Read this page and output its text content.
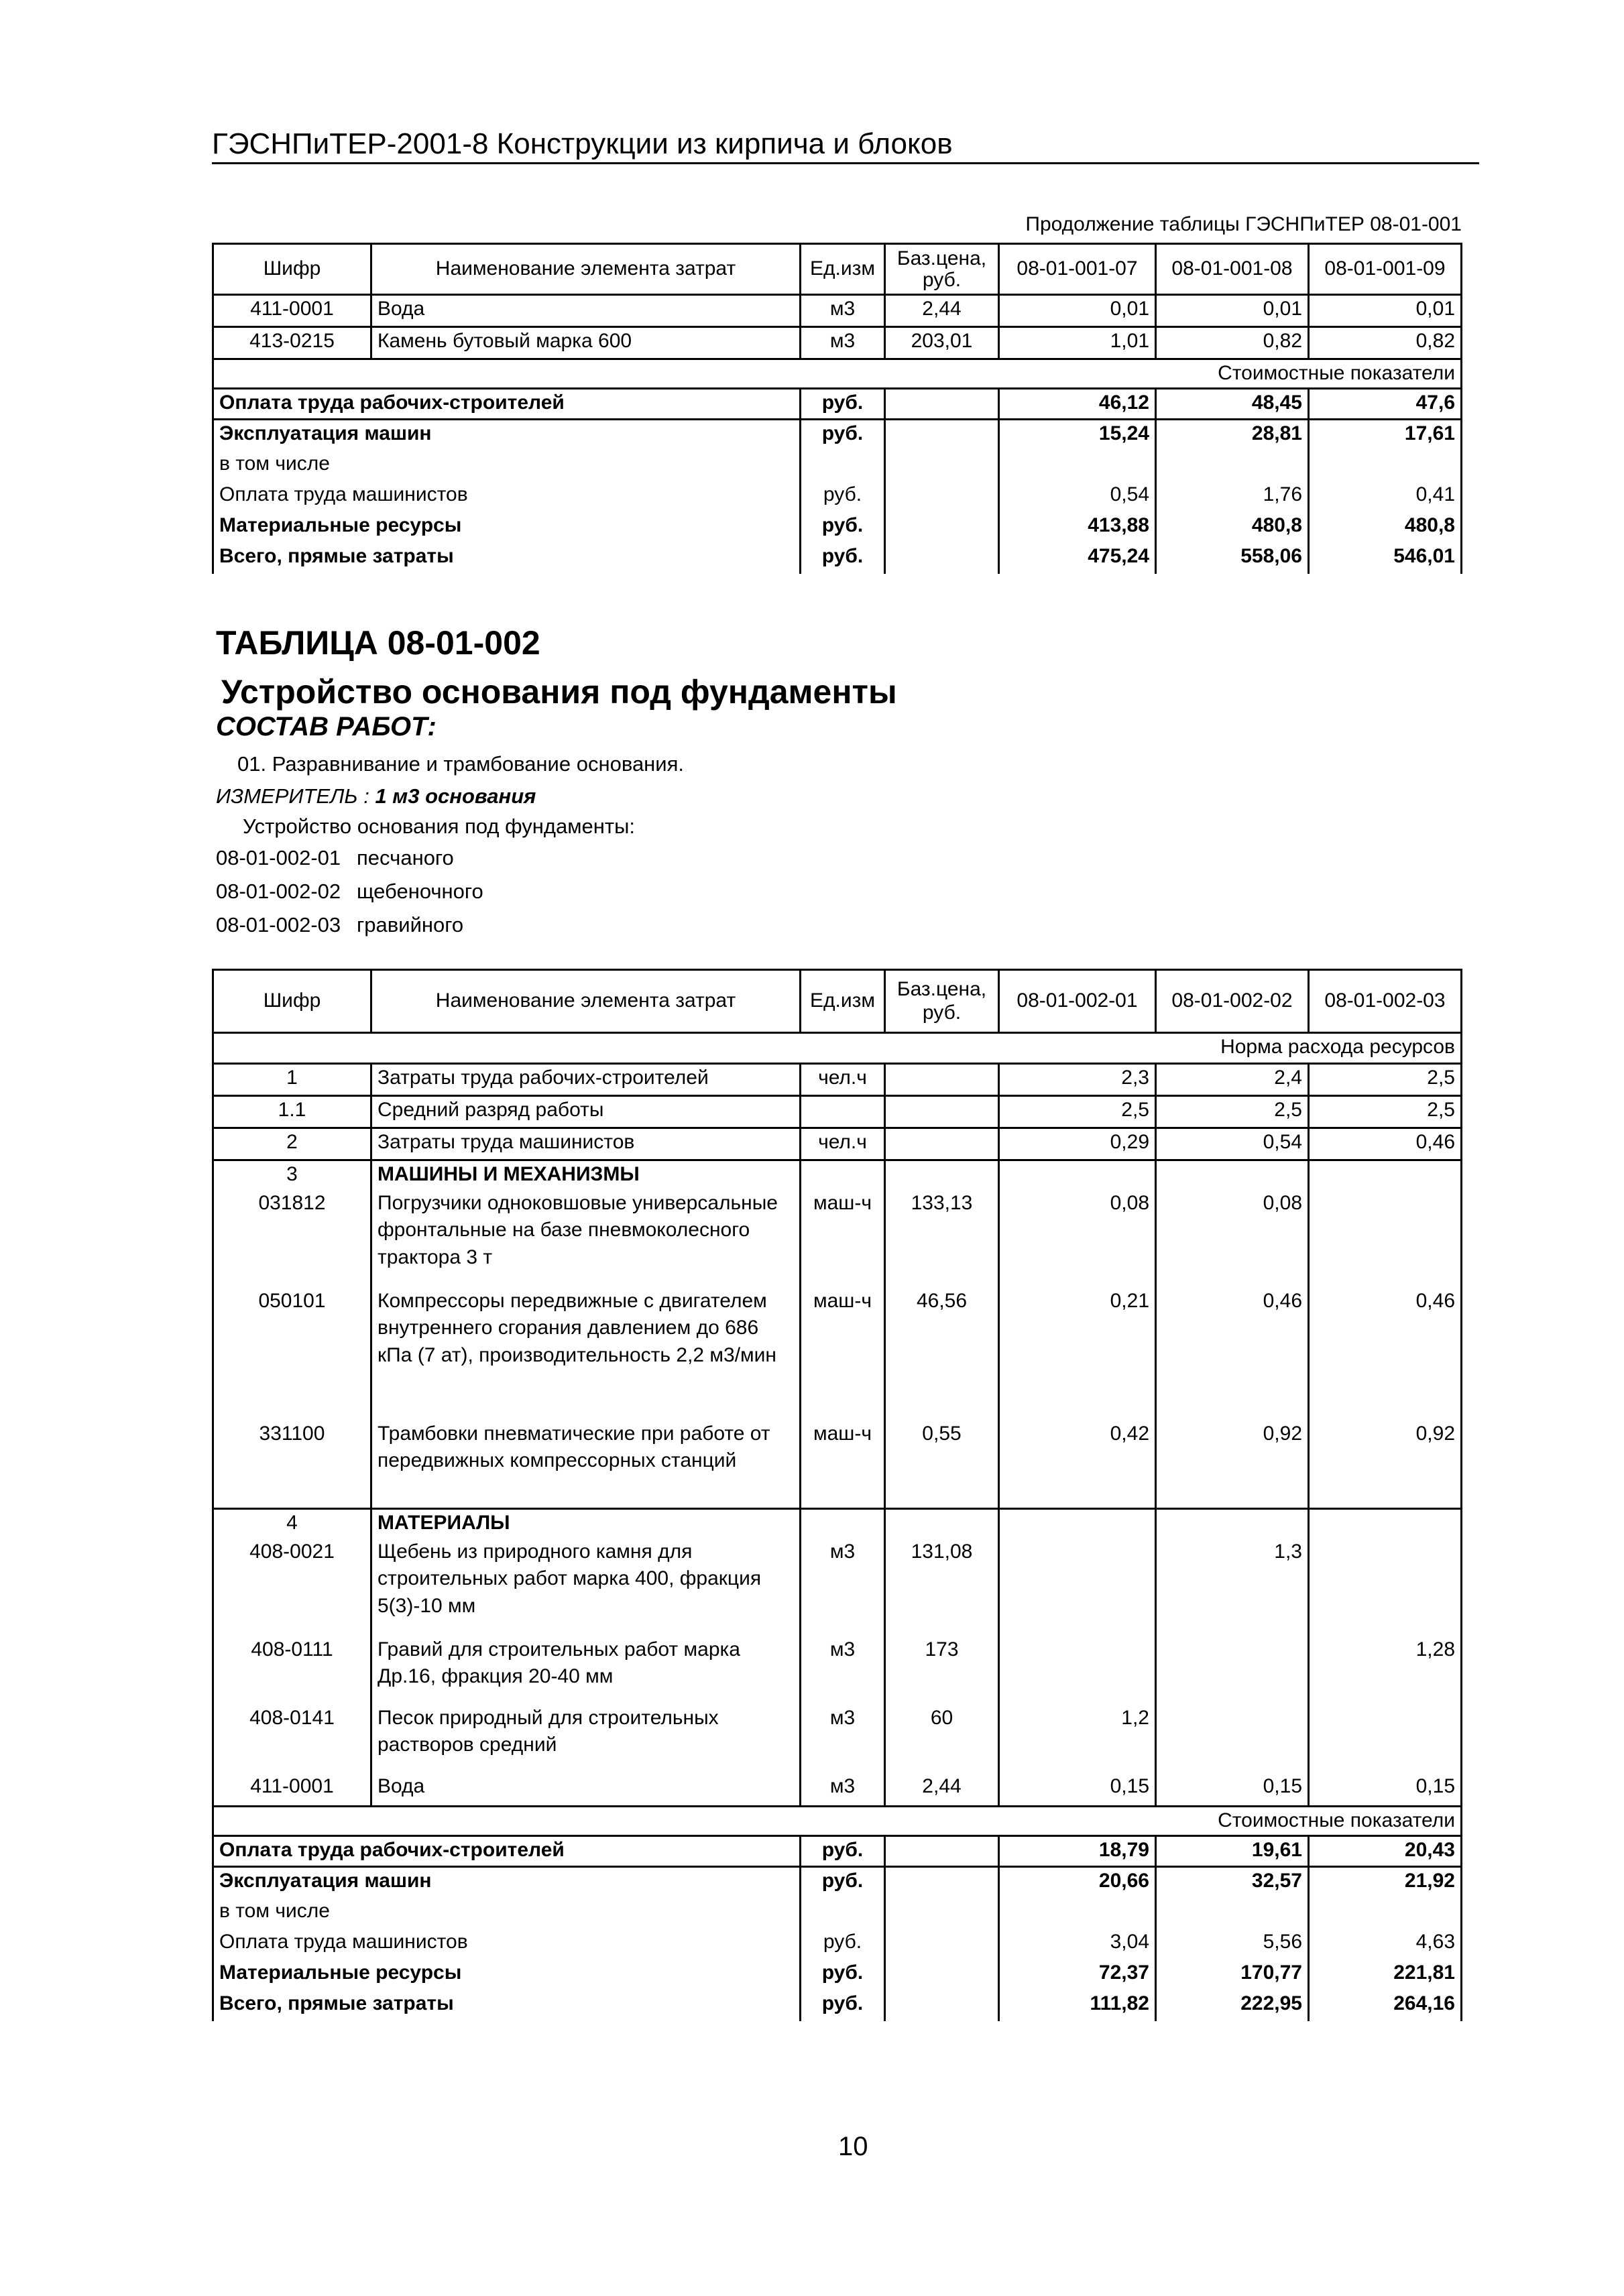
ГЭСНПиТЕР-2001-8 Конструкции из кирпича и блоков
Продолжение таблицы ГЭСНПиТЕР 08-01-001
Шифр	Наименование элемента затрат	Ед.изм	Баз.цена, руб.	08-01-001-07	08-01-001-08	08-01-001-09
411-0001	Вода	м3	2,44	0,01	0,01	0,01
413-0215	Камень бутовый марка 600	м3	203,01	1,01	0,82	0,82
Стоимостные показатели						
Оплата труда рабочих-строителей		руб.		46,12	48,45	47,6
Эксплуатация машин		руб.		15,24	28,81	17,61
в том числе						
Оплата труда машинистов		руб.		0,54	1,76	0,41
Материальные ресурсы		руб.		413,88	480,8	480,8
Всего, прямые затраты		руб.		475,24	558,06	546,01
ТАБЛИЦА 08-01-002
Устройство основания под фундаменты
СОСТАВ РАБОТ:
01. Разравнивание и трамбование основания.
ИЗМЕРИТЕЛЬ : 1 м3 основания
Устройство основания под фундаменты:
08-01-002-01 песчаного
08-01-002-02 щебеночного
08-01-002-03 гравийного
Шифр	Наименование элемента затрат	Ед.изм	Баз.цена, руб.	08-01-002-01	08-01-002-02	08-01-002-03
Норма расхода ресурсов						
1	Затраты труда рабочих-строителей	чел.ч		2,3	2,4	2,5
1.1	Средний разряд работы			2,5	2,5	2,5
2	Затраты труда машинистов	чел.ч		0,29	0,54	0,46
3	МАШИНЫ И МЕХАНИЗМЫ					
031812	Погрузчики одноковшовые универсальные фронтальные на базе пневмоколесного трактора 3 т	маш-ч	133,13	0,08	0,08	
050101	Компрессоры передвижные с двигателем внутреннего сгорания давлением до 686 кПа (7 ат), производительность 2,2 м3/мин	маш-ч	46,56	0,21	0,46	0,46
331100	Трамбовки пневматические при работе от передвижных компрессорных станций	маш-ч	0,55	0,42	0,92	0,92
4	МАТЕРИАЛЫ					
408-0021	Щебень из природного камня для строительных работ марка 400, фракция 5(3)-10 мм	м3	131,08		1,3	
408-0111	Гравий для строительных работ марка Др.16, фракция 20-40 мм	м3	173			1,28
408-0141	Песок природный для строительных растворов средний	м3	60	1,2		
411-0001	Вода	м3	2,44	0,15	0,15	0,15
Стоимостные показатели						
Оплата труда рабочих-строителей		руб.		18,79	19,61	20,43
Эксплуатация машин		руб.		20,66	32,57	21,92
в том числе						
Оплата труда машинистов		руб.		3,04	5,56	4,63
Материальные ресурсы		руб.		72,37	170,77	221,81
Всего, прямые затраты		руб.		111,82	222,95	264,16
10
